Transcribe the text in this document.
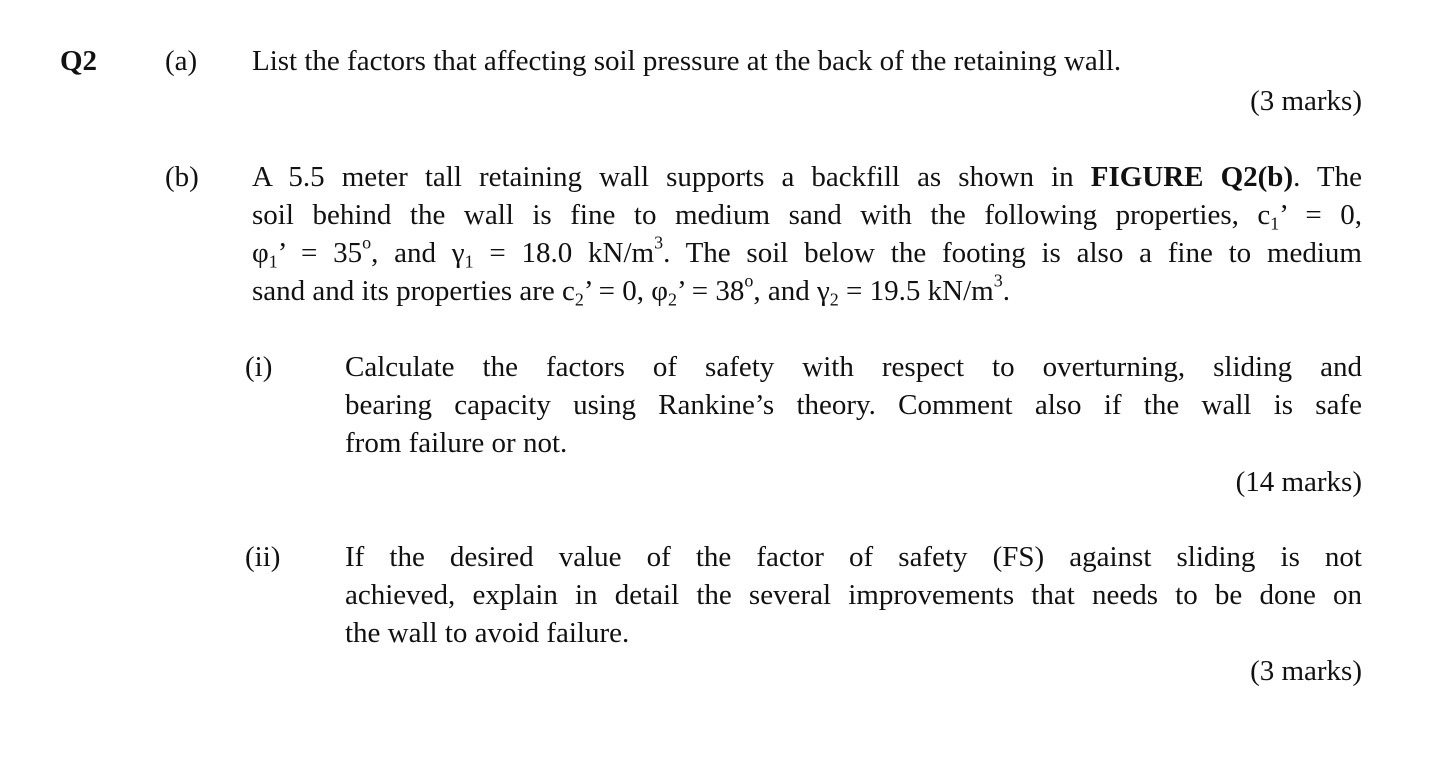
Q2 (a) List the factors that affecting soil pressure at the back of the retaining wall.
(3 marks)
(b) A 5.5 meter tall retaining wall supports a backfill as shown in FIGURE Q2(b). The
soil behind the wall is fine to medium sand with the following properties, $c_1$’ = 0,
$\varphi_1$’ = $35^o$, and $\gamma_1 = 18.0$ $kN/m^3$. The soil below the footing is also a fine to medium
sand and its properties are $c_2$’ = 0, $\varphi_2$’ = $38^o$, and $\gamma_2 = 19.5$ $kN/m^3$.
(i)	Calculate the factors of safety with respect to overturning, sliding and
bearing capacity using Rankine’s theory. Comment also if the wall is safe
from failure or not.
(14 marks)
(ii) If the desired value of the factor of safety (FS) against sliding is not
achieved, explain in detail the several improvements that needs to be done on
the wall to avoid failure.
(3 marks)
